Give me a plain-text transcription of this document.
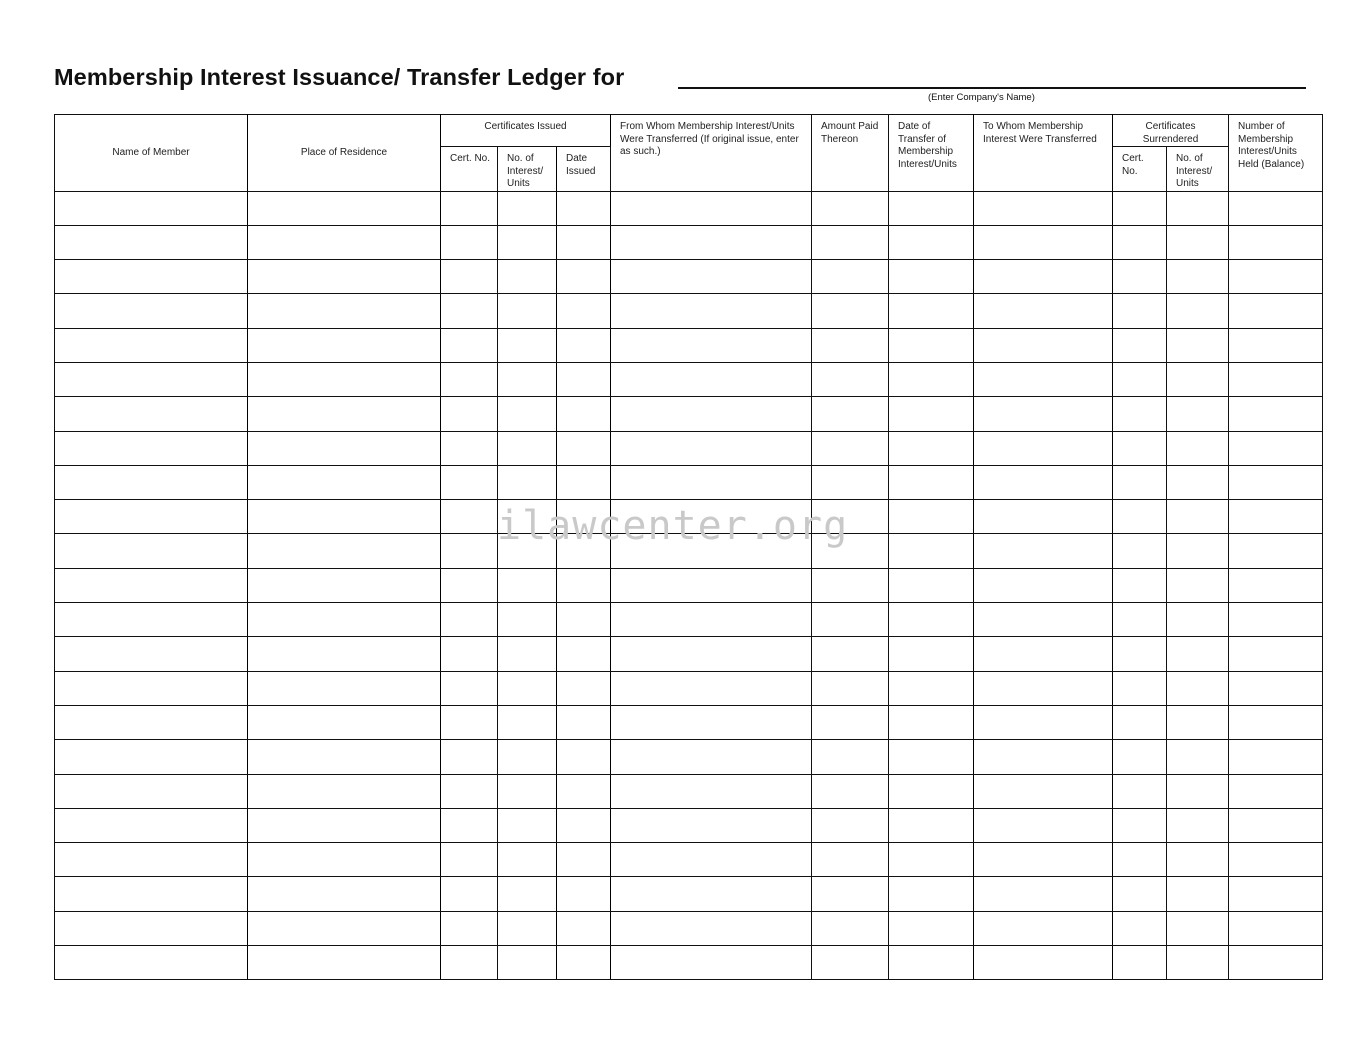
Membership Interest Issuance/ Transfer Ledger for
(Enter Company's Name)
Name of Member	Place of Residence	Certificates Issued			From Whom Membership Interest/Units Were Transferred (If original issue, enter as such.)	Amount Paid Thereon	Date of Transfer of Membership Interest/Units	To Whom Membership Interest Were Transferred	Certificates Surrendered		Number of Membership Interest/Units Held (Balance)
		Cert. No.	No. of Interest/ Units	Date Issued					Cert. No.	No. of Interest/ Units	

ilawcenter.org
